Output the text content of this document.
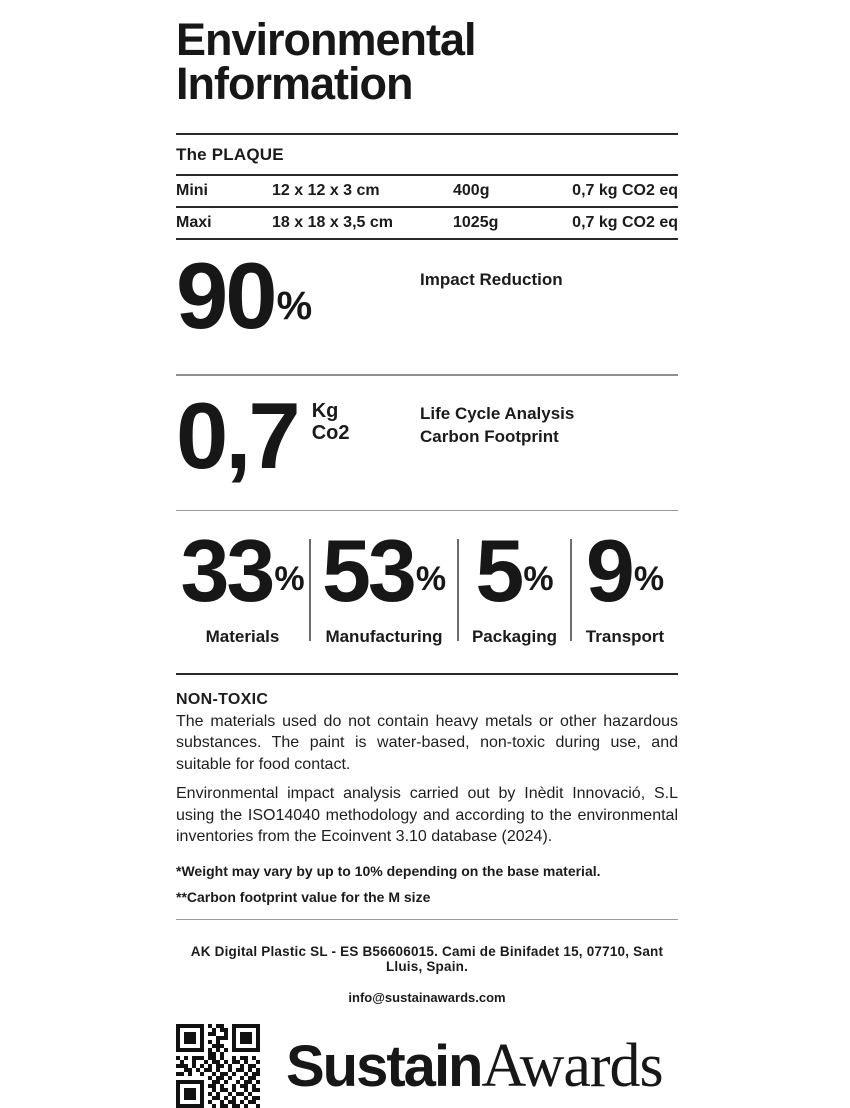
Environmental
Information
The PLAQUE
Mini	12 x 12 x 3 cm	400g	0,7 kg CO2 eq
Maxi	18 x 18 x 3,5 cm	1025g	0,7 kg CO2 eq
90%
Impact Reduction
0,7 Kg
Co2
Life Cycle Analysis
Carbon Footprint
33%
Materials
53%
Manufacturing
5%
Packaging
9%
Transport
NON-TOXIC

The materials used do not contain heavy metals or other hazardous substances. The paint is water-based, non-toxic during use, and suitable for food contact.

Environmental impact analysis carried out by Inèdit Innovació, S.L using the ISO14040 methodology and according to the environmental inventories from the Ecoinvent 3.10 database (2024).

*Weight may vary by up to 10% depending on the base material.

**Carbon footprint value for the M size

AK Digital Plastic SL - ES B56606015. Cami de Binifadet 15, 07710, Sant Lluis, Spain.

info@sustainawards.com

SustainAwards
